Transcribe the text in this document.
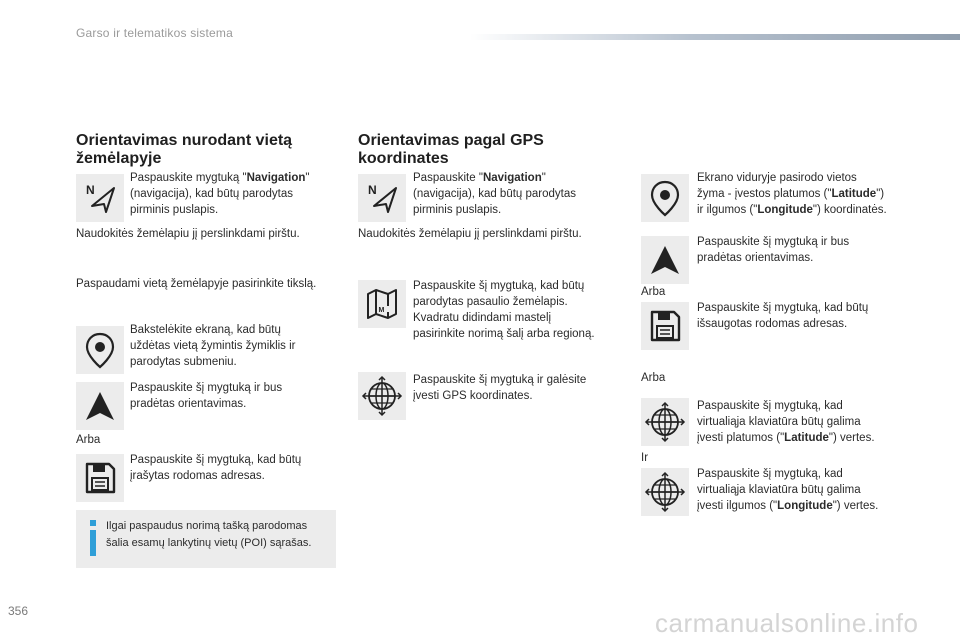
Garso ir telematikos sistema
Orientavimas nurodant vietą
žemėlapyje
N
Paspauskite mygtuką "Navigation"
(navigacija), kad būtų parodytas
pirminis puslapis.
Naudokitės žemėlapiu jį perslinkdami pirštu.
Paspaudami vietą žemėlapyje pasirinkite tikslą.
Bakstelėkite ekraną, kad būtų
uždėtas vietą žymintis žymiklis ir
parodytas submeniu.
Paspauskite šį mygtuką ir bus
pradėtas orientavimas.
Arba
Paspauskite šį mygtuką, kad būtų
įrašytas rodomas adresas.
Ilgai paspaudus norimą tašką parodomas
šalia esamų lankytinų vietų (POI) sąrašas.
Orientavimas pagal GPS
koordinates
N
Paspauskite "Navigation"
(navigacija), kad būtų parodytas
pirminis puslapis.
Naudokitės žemėlapiu jį perslinkdami pirštu.
M
Paspauskite šį mygtuką, kad būtų
parodytas pasaulio žemėlapis.
Kvadratu didindami mastelį
pasirinkite norimą šalį arba regioną.
Paspauskite šį mygtuką ir galėsite
įvesti GPS koordinates.
Ekrano viduryje pasirodo vietos
žyma - įvestos platumos ("Latitude")
ir ilgumos ("Longitude") koordinatės.
Paspauskite šį mygtuką ir bus
pradėtas orientavimas.
Arba
Paspauskite šį mygtuką, kad būtų
išsaugotas rodomas adresas.
Arba
Paspauskite šį mygtuką, kad
virtualiąja klaviatūra būtų galima
įvesti platumos ("Latitude") vertes.
Ir
Paspauskite šį mygtuką, kad
virtualiąja klaviatūra būtų galima
įvesti ilgumos ("Longitude") vertes.
356	carmanualsonline.info
